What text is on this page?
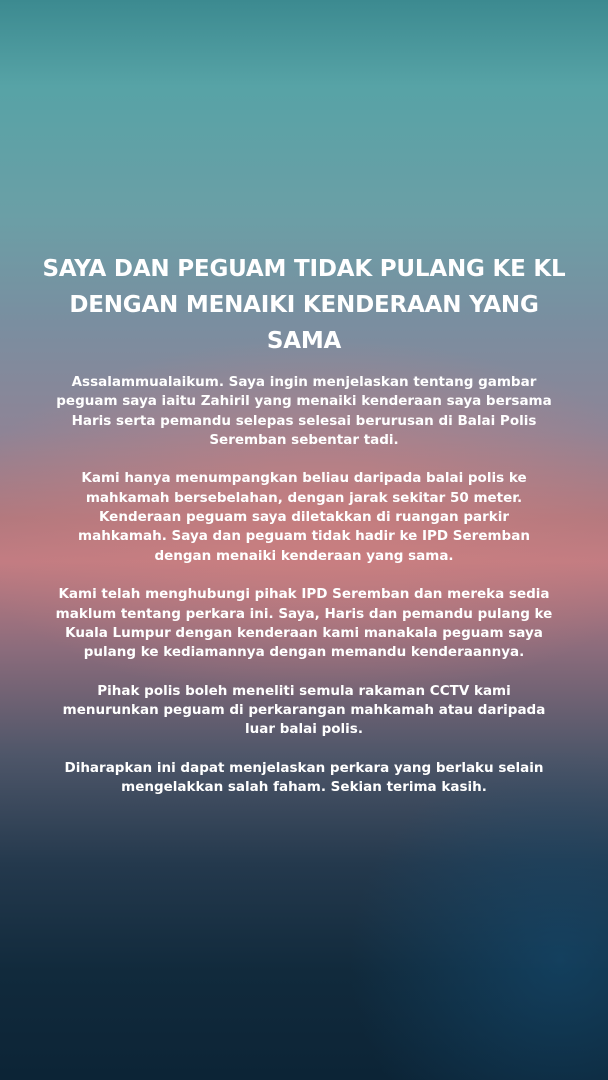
SAYA DAN PEGUAM TIDAK PULANG KE KL DENGAN MENAIKI KENDERAAN YANG SAMA

Assalammualaikum. Saya ingin menjelaskan tentang gambar peguam saya iaitu Zahiril yang menaiki kenderaan saya bersama Haris serta pemandu selepas selesai berurusan di Balai Polis Seremban sebentar tadi.

Kami hanya menumpangkan beliau daripada balai polis ke mahkamah bersebelahan, dengan jarak sekitar 50 meter. Kenderaan peguam saya diletakkan di ruangan parkir mahkamah. Saya dan peguam tidak hadir ke IPD Seremban dengan menaiki kenderaan yang sama.

Kami telah menghubungi pihak IPD Seremban dan mereka sedia maklum tentang perkara ini. Saya, Haris dan pemandu pulang ke Kuala Lumpur dengan kenderaan kami manakala peguam saya pulang ke kediamannya dengan memandu kenderaannya.

Pihak polis boleh meneliti semula rakaman CCTV kami menurunkan peguam di perkarangan mahkamah atau daripada luar balai polis.

Diharapkan ini dapat menjelaskan perkara yang berlaku selain mengelakkan salah faham. Sekian terima kasih.
